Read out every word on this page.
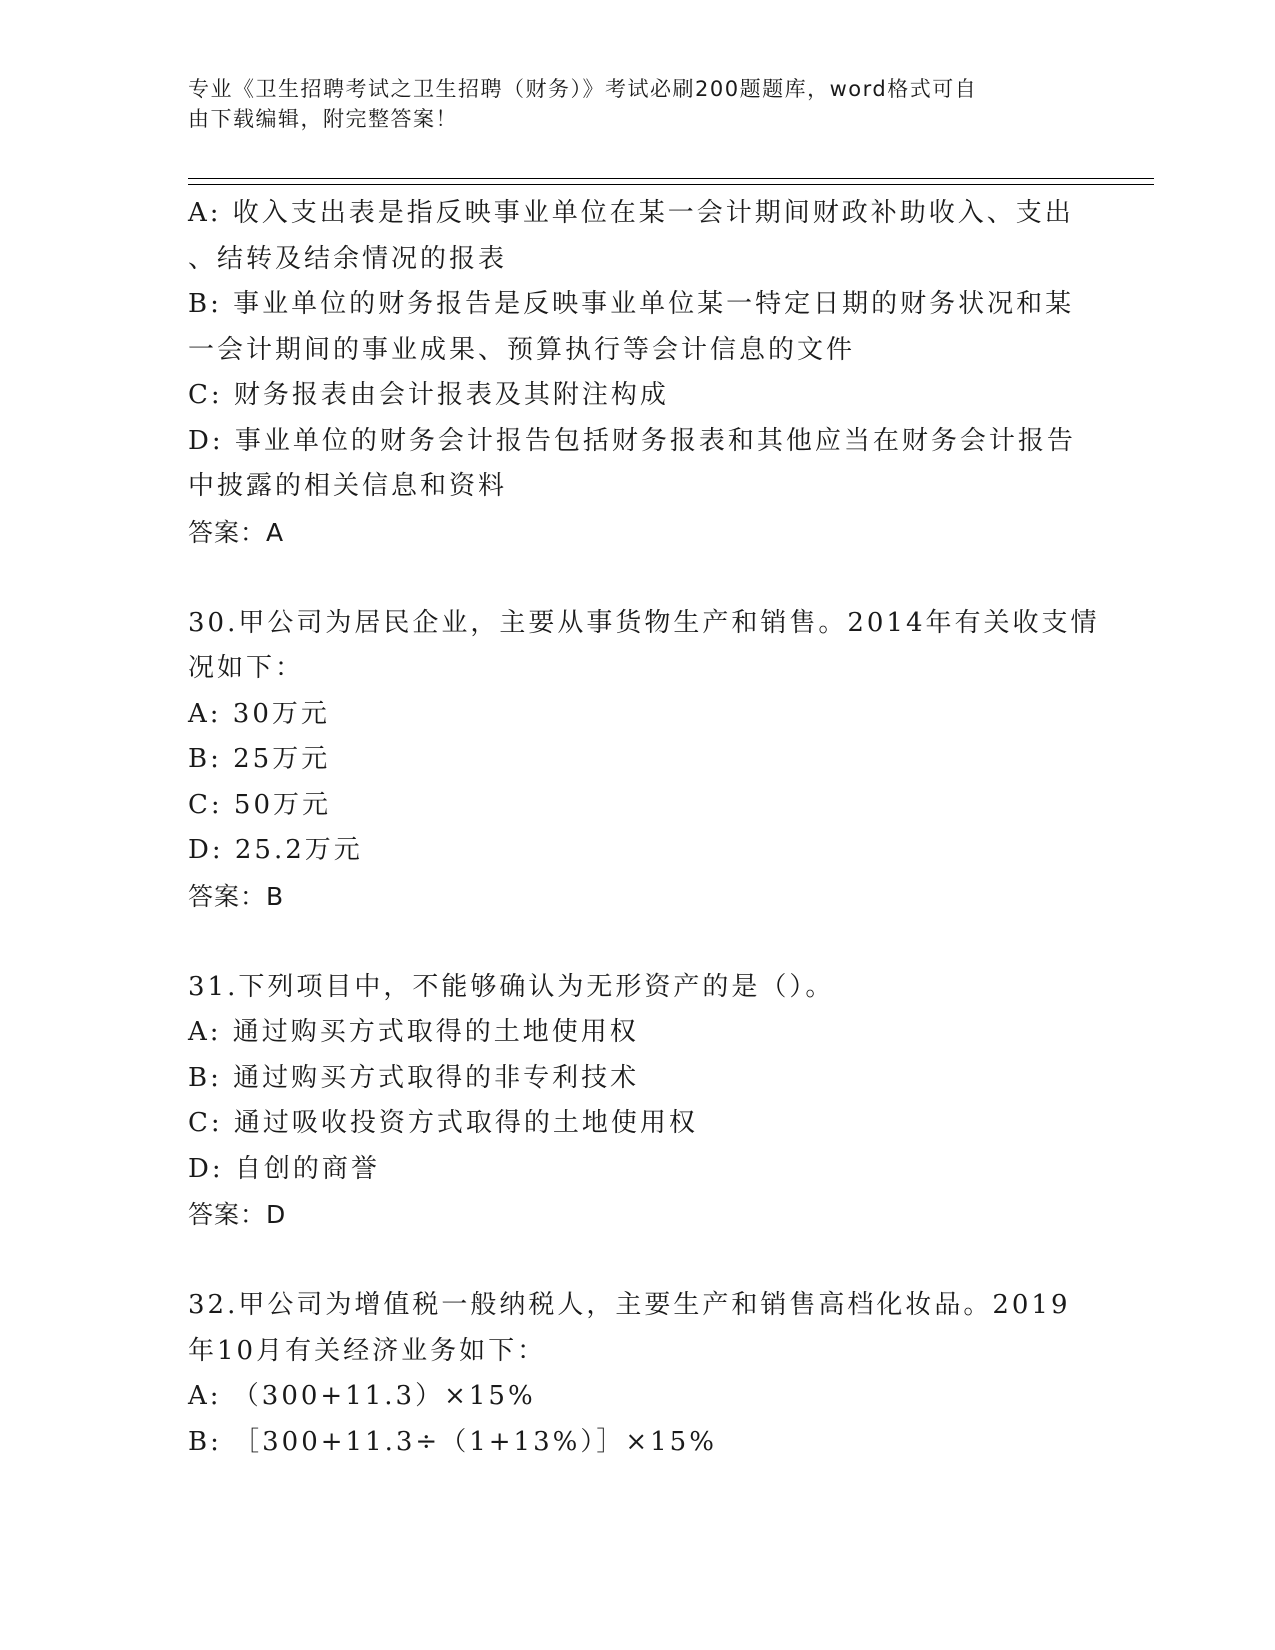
专业《卫生招聘考试之卫生招聘（财务）》考试必刷200题题库，word格式可自
由下载编辑，附完整答案！
A: 收入支出表是指反映事业单位在某一会计期间财政补助收入、支出
、结转及结余情况的报表
B: 事业单位的财务报告是反映事业单位某一特定日期的财务状况和某
一会计期间的事业成果、预算执行等会计信息的文件
C: 财务报表由会计报表及其附注构成
D: 事业单位的财务会计报告包括财务报表和其他应当在财务会计报告
中披露的相关信息和资料
答案：A
30.甲公司为居民企业，主要从事货物生产和销售。2014年有关收支情
况如下：
A: 30万元
B: 25万元
C: 50万元
D: 25.2万元
答案：B
31.下列项目中，不能够确认为无形资产的是（）。
A: 通过购买方式取得的土地使用权
B: 通过购买方式取得的非专利技术
C: 通过吸收投资方式取得的土地使用权
D: 自创的商誉
答案：D
32.甲公司为增值税一般纳税人，主要生产和销售高档化妆品。2019
年10月有关经济业务如下：
A: （300+11.3）×15%
B: ［300+11.3÷（1+13%）］×15%
